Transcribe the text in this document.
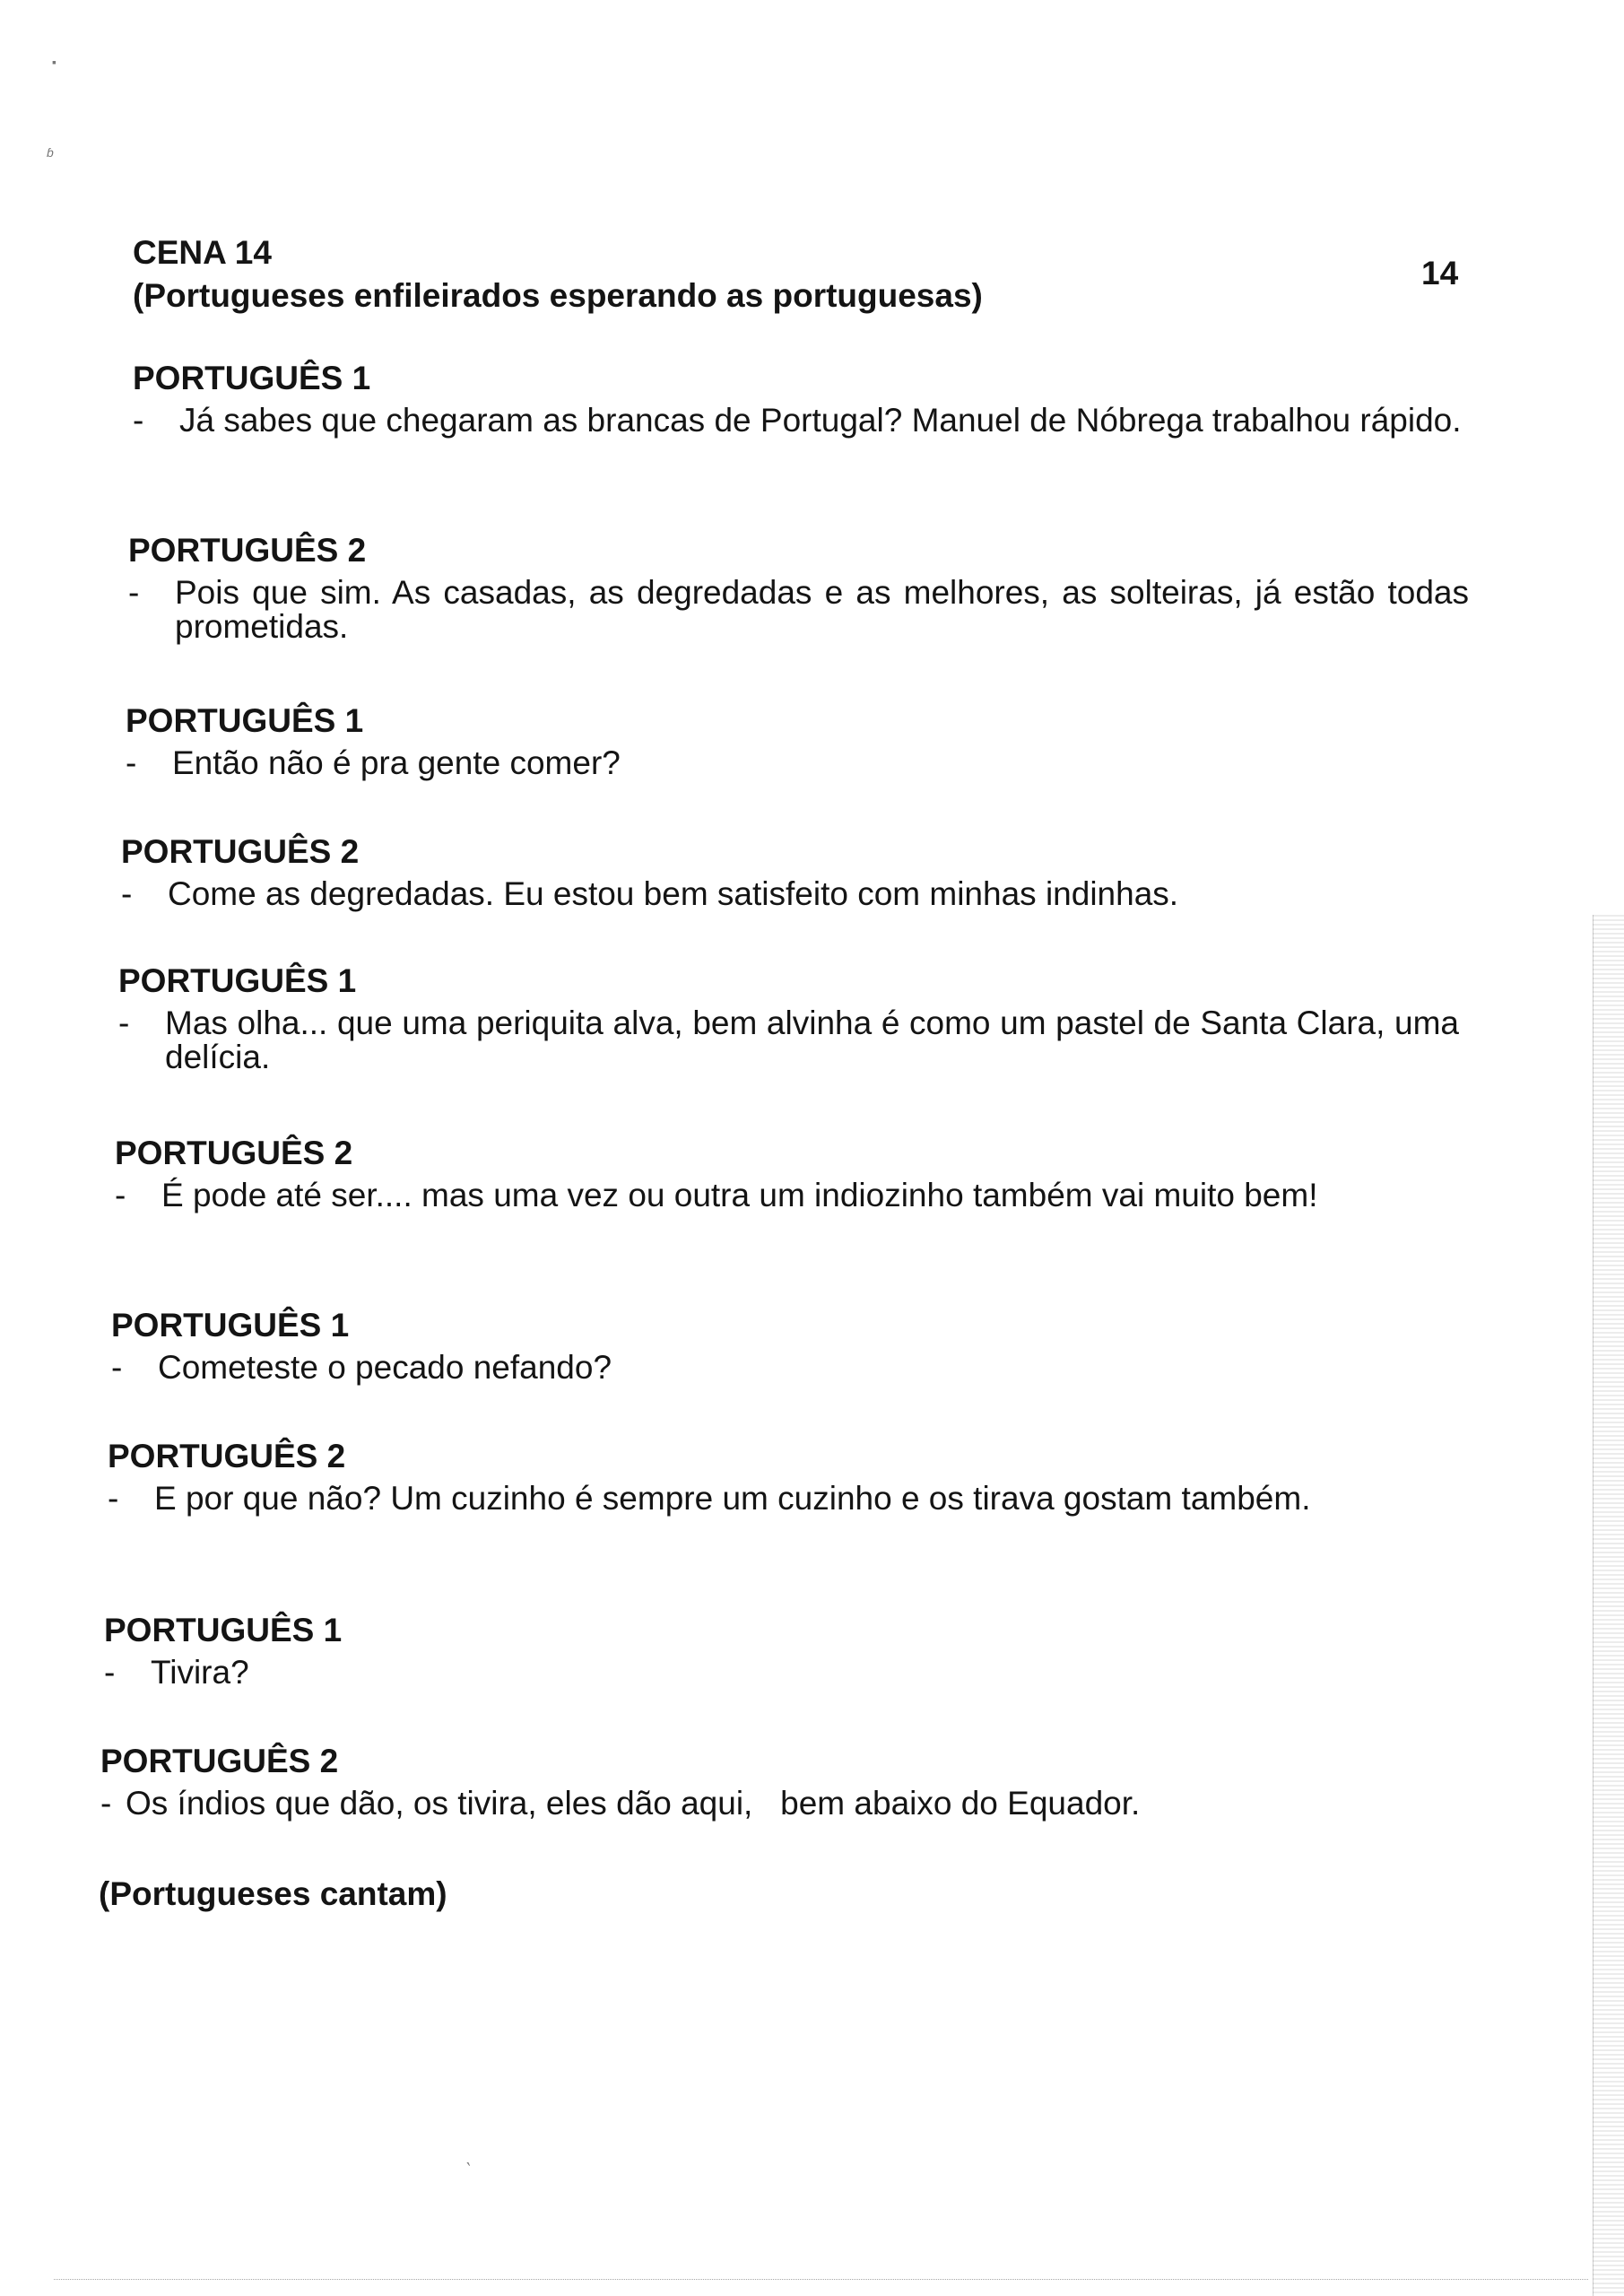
▪
ɓ
‵
14
CENA 14
(Portugueses enfileirados esperando as portuguesas)
PORTUGUÊS 1
- Já sabes que chegaram as brancas de Portugal? Manuel de Nóbrega trabalhou rápido.
PORTUGUÊS 2
- Pois que sim. As casadas, as degredadas e as melhores, as solteiras, já estão todas prometidas.
PORTUGUÊS 1
- Então não é pra gente comer?
PORTUGUÊS 2
- Come as degredadas. Eu estou bem satisfeito com minhas indinhas.
PORTUGUÊS 1
- Mas olha... que uma periquita alva, bem alvinha é como um pastel de Santa Clara, uma delícia.
PORTUGUÊS 2
- É pode até ser.... mas uma vez ou outra um indiozinho também vai muito bem!
PORTUGUÊS 1
- Cometeste o pecado nefando?
PORTUGUÊS 2
- E por que não? Um cuzinho é sempre um cuzinho e os tirava gostam também.
PORTUGUÊS 1
- Tivira?
PORTUGUÊS 2
- Os índios que dão, os tivira, eles dão aqui,   bem abaixo do Equador.
(Portugueses cantam)
